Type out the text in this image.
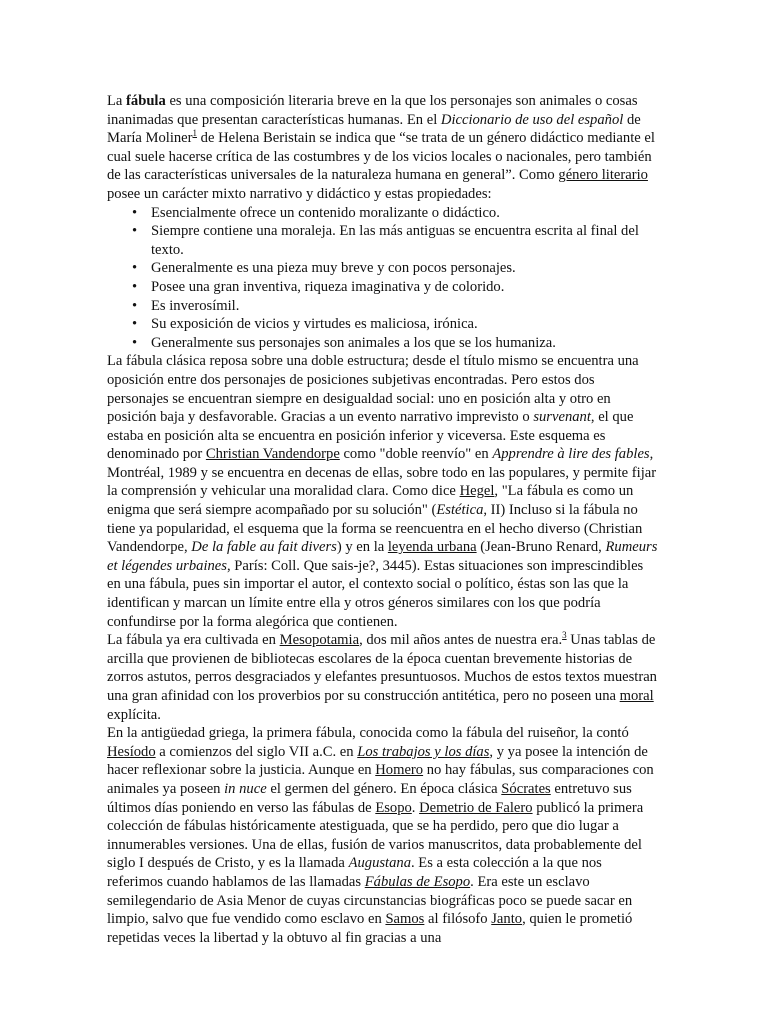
La fábula es una composición literaria breve en la que los personajes son animales o cosas inanimadas que presentan características humanas. En el Diccionario de uso del español de María Moliner$^1$ de Helena Beristain se indica que “se trata de un género didáctico mediante el cual suele hacerse crítica de las costumbres y de los vicios locales o nacionales, pero también de las características universales de la naturaleza humana en general”. Como género literario posee un carácter mixto narrativo y didáctico y estas propiedades:

• Esencialmente ofrece un contenido moralizante o didáctico.
• Siempre contiene una moraleja. En las más antiguas se encuentra escrita al final del texto.
• Generalmente es una pieza muy breve y con pocos personajes.
• Posee una gran inventiva, riqueza imaginativa y de colorido.
• Es inverosímil.
• Su exposición de vicios y virtudes es maliciosa, irónica.
• Generalmente sus personajes son animales a los que se los humaniza.

La fábula clásica reposa sobre una doble estructura; desde el título mismo se encuentra una oposición entre dos personajes de posiciones subjetivas encontradas. Pero estos dos personajes se encuentran siempre en desigualdad social: uno en posición alta y otro en posición baja y desfavorable. Gracias a un evento narrativo imprevisto o survenant, el que estaba en posición alta se encuentra en posición inferior y viceversa. Este esquema es denominado por Christian Vandendorpe como "doble reenvío" en Apprendre à lire des fables, Montréal, 1989 y se encuentra en decenas de ellas, sobre todo en las populares, y permite fijar la comprensión y vehicular una moralidad clara. Como dice Hegel, "La fábula es como un enigma que será siempre acompañado por su solución" (Estética, II) Incluso si la fábula no tiene ya popularidad, el esquema que la forma se reencuentra en el hecho diverso (Christian Vandendorpe, De la fable au fait divers) y en la leyenda urbana (Jean-Bruno Renard, Rumeurs et légendes urbaines, París: Coll. Que sais-je?, 3445). Estas situaciones son imprescindibles en una fábula, pues sin importar el autor, el contexto social o político, éstas son las que la identifican y marcan un límite entre ella y otros géneros similares con los que podría confundirse por la forma alegórica que contienen.

La fábula ya era cultivada en Mesopotamia, dos mil años antes de nuestra era.$^3$ Unas tablas de arcilla que provienen de bibliotecas escolares de la época cuentan brevemente historias de zorros astutos, perros desgraciados y elefantes presuntuosos. Muchos de estos textos muestran una gran afinidad con los proverbios por su construcción antitética, pero no poseen una moral explícita.

En la antigüedad griega, la primera fábula, conocida como la fábula del ruiseñor, la contó Hesíodo a comienzos del siglo VII a.C. en Los trabajos y los días, y ya posee la intención de hacer reflexionar sobre la justicia. Aunque en Homero no hay fábulas, sus comparaciones con animales ya poseen in nuce el germen del género. En época clásica Sócrates entretuvo sus últimos días poniendo en verso las fábulas de Esopo. Demetrio de Falero publicó la primera colección de fábulas históricamente atestiguada, que se ha perdido, pero que dio lugar a innumerables versiones. Una de ellas, fusión de varios manuscritos, data probablemente del siglo I después de Cristo, y es la llamada Augustana. Es a esta colección a la que nos referimos cuando hablamos de las llamadas Fábulas de Esopo. Era este un esclavo semilegendario de Asia Menor de cuyas circunstancias biográficas poco se puede sacar en limpio, salvo que fue vendido como esclavo en Samos al filósofo Janto, quien le prometió repetidas veces la libertad y la obtuvo al fin gracias a una
